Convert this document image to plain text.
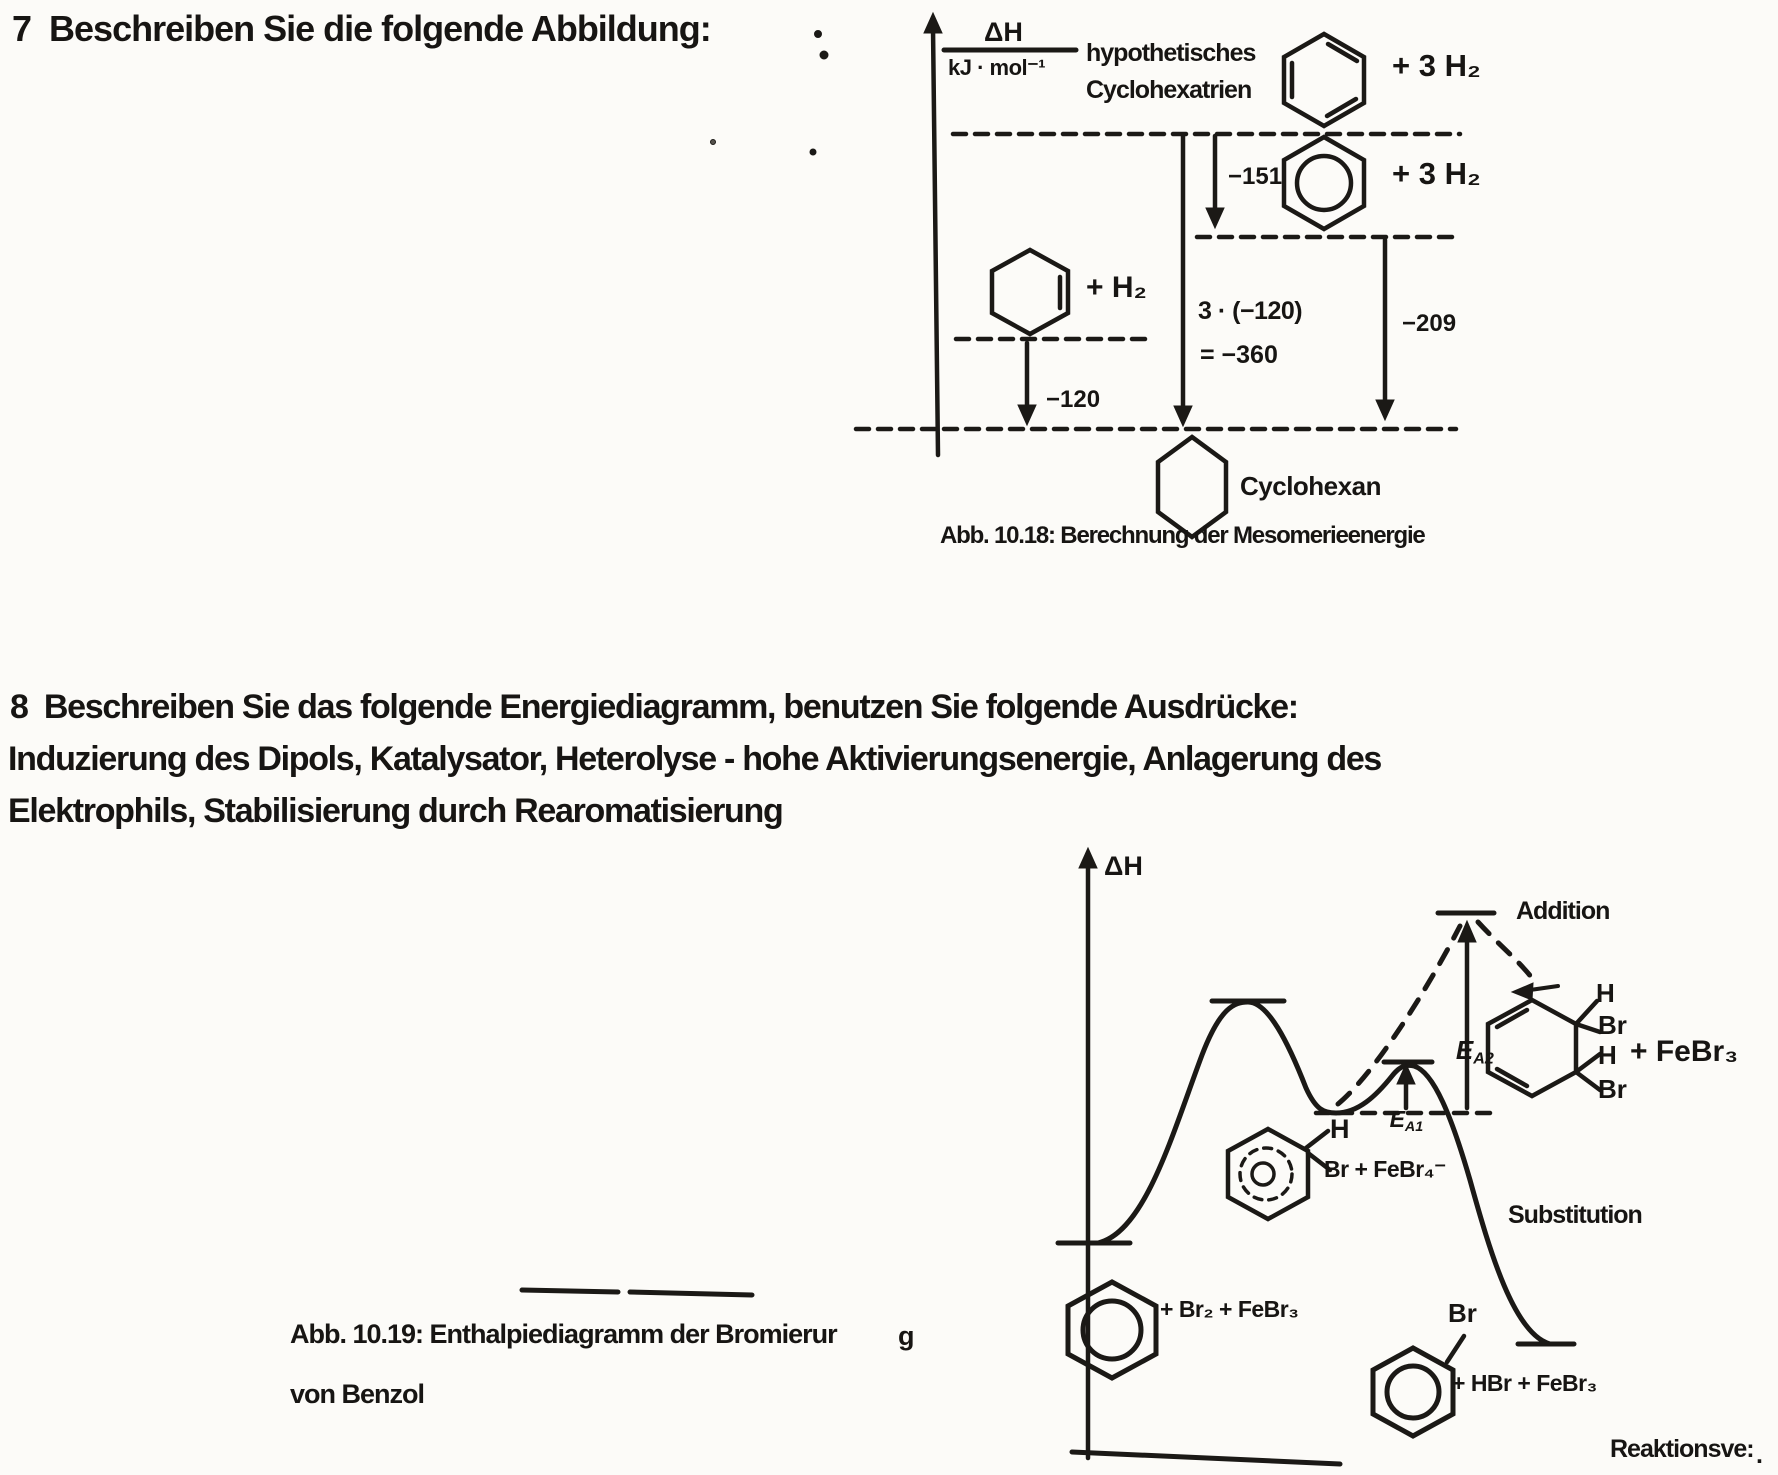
7  Beschreiben Sie die folgende Abbildung:	ΔH
kJ · mol⁻¹
hypothetisches
Cyclohexatrien
+ 3 H₂
+ 3 H₂
−151
+ H₂
3 · (−120)
= −360
−209
−120
Cyclohexan
Abb. 10.18: Berechnung der Mesomerieenergie
8  Beschreiben Sie das folgende Energiediagramm, benutzen Sie folgende Ausdrücke:
Induzierung des Dipols, Katalysator, Heterolyse - hohe Aktivierungsenergie, Anlagerung des
Elektrophils, Stabilisierung durch Rearomatisierung
ΔH
Addition

$E_{A2}$

$E_{A1}$

H
Br + FeBr₄⁻
H
Br
H
Br
+ FeBr₃
+ Br₂ + FeBr₃
Substitution
Br
+ HBr + FeBr₃
Reaktionsve: .
Abb. 10.19: Enthalpiediagramm der Bromierur g
von Benzol
